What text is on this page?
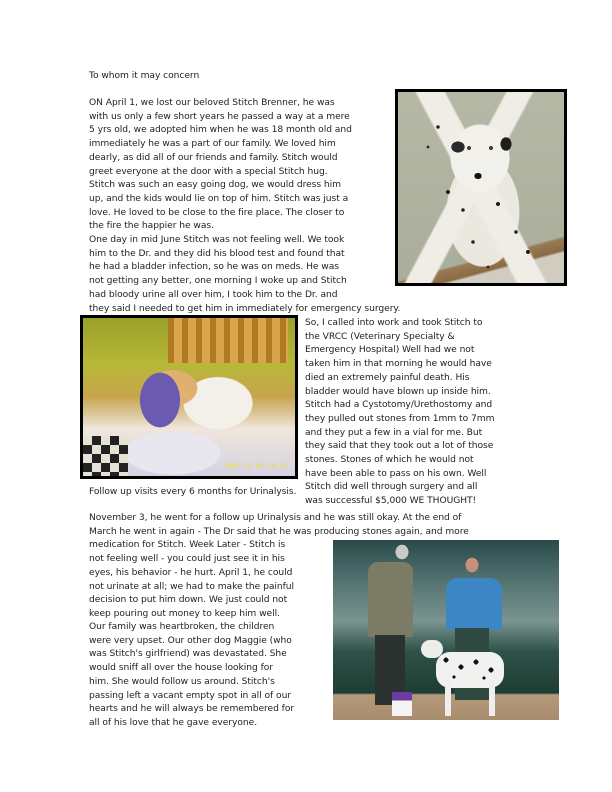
To whom it may concern
ON April 1, we lost our beloved Stitch Brenner, he was
with us only a few short years he passed a way at a mere
5 yrs old, we adopted him when he was 18 month old and
immediately he was a part of our family. We loved him
dearly, as did all of our friends and family. Stitch would
greet everyone at the door with a special Stitch hug.
Stitch was such an easy going dog, we would dress him
up, and the kids would lie on top of him. Stitch was just a
love. He loved to be close to the fire place. The closer to
the fire the happier he was.
One day in mid June Stitch was not feeling well. We took
him to the Dr. and they did his blood test and found that
he had a bladder infection, so he was on meds. He was
not getting any better, one morning I woke up and Stitch
had bloody urine all over him, I took him to the Dr. and
they said I needed to get him in immediately for emergency surgery.
2007 12 09 19:13
So, I called into work and took Stitch to
the VRCC (Veterinary Specialty &
Emergency Hospital) Well had we not
taken him in that morning he would have
died an extremely painful death. His
bladder would have blown up inside him.
Stitch had a Cystotomy/Urethostomy and
they pulled out stones from 1mm to 7mm
and they put a few in a vial for me. But
they said that they took out a lot of those
stones. Stones of which he would not
have been able to pass on his own. Well
Stitch did well through surgery and all
was successful $5,000 WE THOUGHT!
Follow up visits every 6 months for Urinalysis.
November 3, he went for a follow up Urinalysis and he was still okay. At the end of
March he went in again - The Dr said that he was producing stones again, and more
medication for Stitch. Week Later - Stitch is
not feeling well - you could just see it in his
eyes, his behavior - he hurt. April 1, he could
not urinate at all; we had to make the painful
decision to put him down. We just could not
keep pouring out money to keep him well.
Our family was heartbroken, the children
were very upset. Our other dog Maggie (who
was Stitch's girlfriend) was devastated. She
would sniff all over the house looking for
him. She would follow us around. Stitch's
passing left a vacant empty spot in all of our
hearts and he will always be remembered for
all of his love that he gave everyone.
